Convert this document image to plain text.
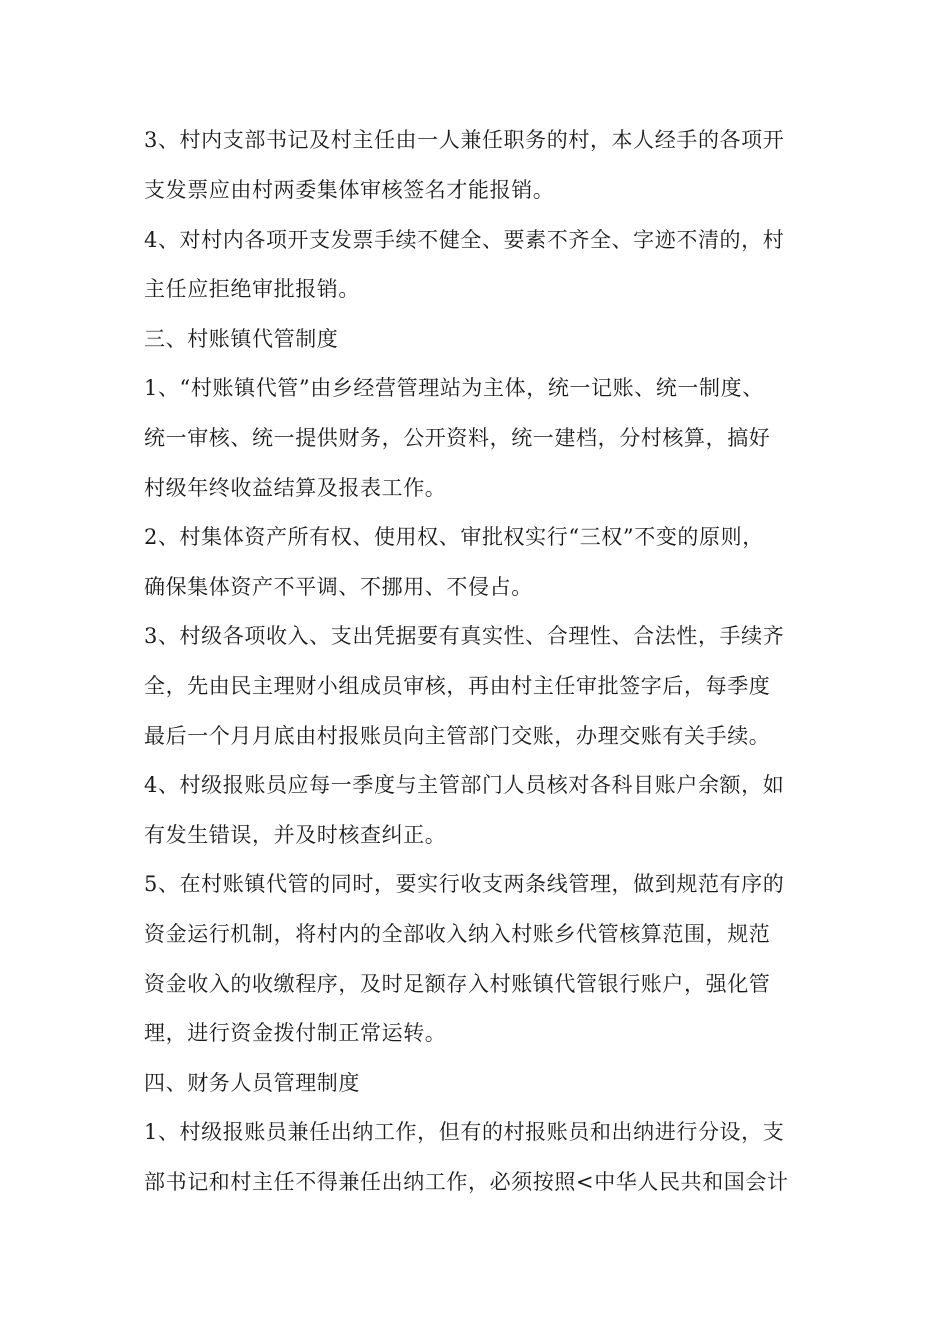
3、村内支部书记及村主任由一人兼任职务的村，本人经手的各项开
支发票应由村两委集体审核签名才能报销。
4、对村内各项开支发票手续不健全、要素不齐全、字迹不清的，村
主任应拒绝审批报销。
三、村账镇代管制度
1、“村账镇代管”由乡经营管理站为主体，统一记账、统一制度、
统一审核、统一提供财务，公开资料，统一建档，分村核算，搞好
村级年终收益结算及报表工作。
2、村集体资产所有权、使用权、审批权实行“三权”不变的原则，
确保集体资产不平调、不挪用、不侵占。
3、村级各项收入、支出凭据要有真实性、合理性、合法性，手续齐
全，先由民主理财小组成员审核，再由村主任审批签字后，每季度
最后一个月月底由村报账员向主管部门交账，办理交账有关手续。
4、村级报账员应每一季度与主管部门人员核对各科目账户余额，如
有发生错误，并及时核查纠正。
5、在村账镇代管的同时，要实行收支两条线管理，做到规范有序的
资金运行机制，将村内的全部收入纳入村账乡代管核算范围，规范
资金收入的收缴程序，及时足额存入村账镇代管银行账户，强化管
理，进行资金拨付制正常运转。
四、财务人员管理制度
1、村级报账员兼任出纳工作，但有的村报账员和出纳进行分设，支
部书记和村主任不得兼任出纳工作，必须按照<中华人民共和国会计
